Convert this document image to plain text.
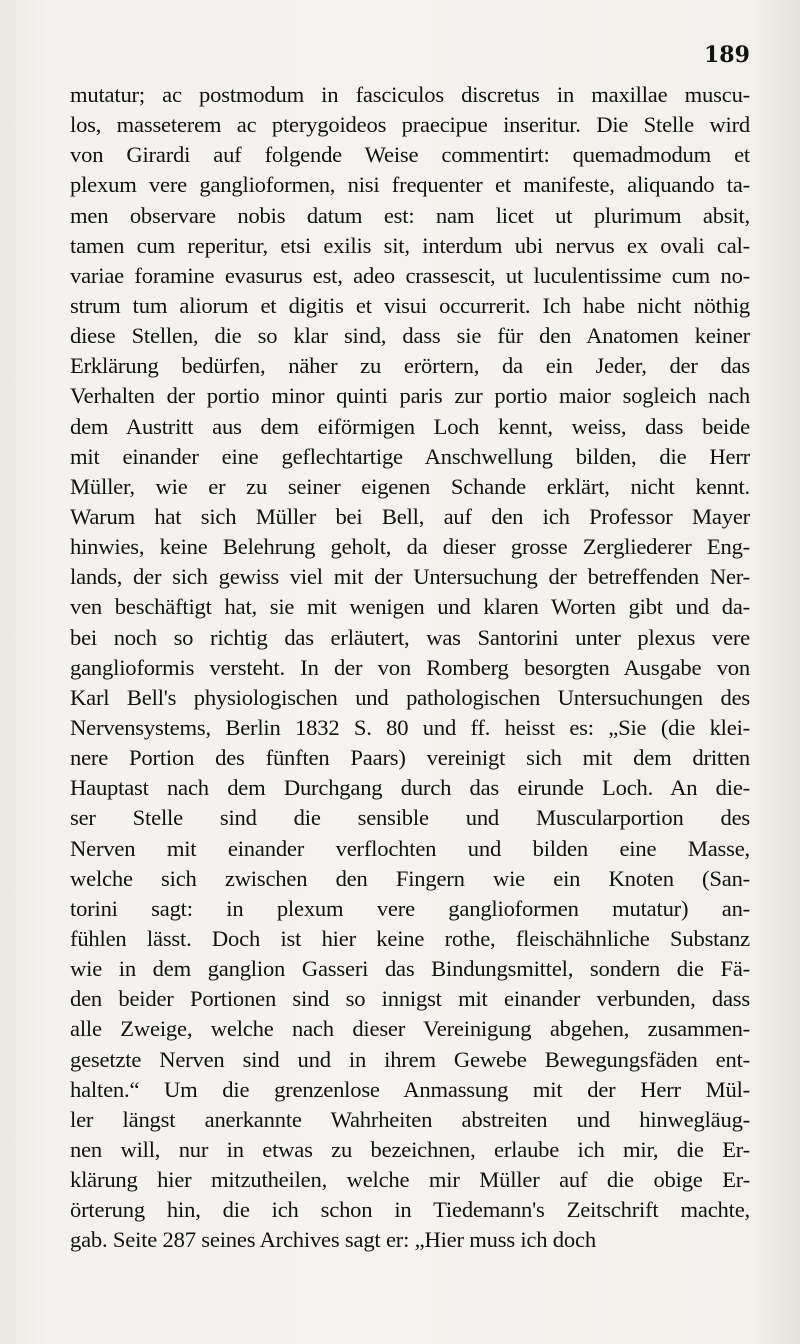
189
mutatur; ac postmodum in fasciculos discretus in maxillae muscu-
los, masseterem ac pterygoideos praecipue inseritur. Die Stelle wird
von Girardi auf folgende Weise commentirt: quemadmodum et
plexum vere ganglioformen, nisi frequenter et manifeste, aliquando ta-
men observare nobis datum est: nam licet ut plurimum absit,
tamen cum reperitur, etsi exilis sit, interdum ubi nervus ex ovali cal-
variae foramine evasurus est, adeo crassescit, ut luculentissime cum no-
strum tum aliorum et digitis et visui occurrerit. Ich habe nicht nöthig
diese Stellen, die so klar sind, dass sie für den Anatomen keiner
Erklärung bedürfen, näher zu erörtern, da ein Jeder, der das
Verhalten der portio minor quinti paris zur portio maior sogleich nach
dem Austritt aus dem eiförmigen Loch kennt, weiss, dass beide
mit einander eine geflechtartige Anschwellung bilden, die Herr
Müller, wie er zu seiner eigenen Schande erklärt, nicht kennt.
Warum hat sich Müller bei Bell, auf den ich Professor Mayer
hinwies, keine Belehrung geholt, da dieser grosse Zergliederer Eng-
lands, der sich gewiss viel mit der Untersuchung der betreffenden Ner-
ven beschäftigt hat, sie mit wenigen und klaren Worten gibt und da-
bei noch so richtig das erläutert, was Santorini unter plexus vere
ganglioformis versteht. In der von Romberg besorgten Ausgabe von
Karl Bell's physiologischen und pathologischen Untersuchungen des
Nervensystems, Berlin 1832 S. 80 und ff. heisst es: „Sie (die klei-
nere Portion des fünften Paars) vereinigt sich mit dem dritten
Hauptast nach dem Durchgang durch das eirunde Loch. An die-
ser Stelle sind die sensible und Muscularportion des
Nerven mit einander verflochten und bilden eine Masse,
welche sich zwischen den Fingern wie ein Knoten (San-
torini sagt: in plexum vere ganglioformen mutatur) an-
fühlen lässt. Doch ist hier keine rothe, fleischähnliche Substanz
wie in dem ganglion Gasseri das Bindungsmittel, sondern die Fä-
den beider Portionen sind so innigst mit einander verbunden, dass
alle Zweige, welche nach dieser Vereinigung abgehen, zusammen-
gesetzte Nerven sind und in ihrem Gewebe Bewegungsfäden ent-
halten.“ Um die grenzenlose Anmassung mit der Herr Mül-
ler längst anerkannte Wahrheiten abstreiten und hinwegläug-
nen will, nur in etwas zu bezeichnen, erlaube ich mir, die Er-
klärung hier mitzutheilen, welche mir Müller auf die obige Er-
örterung hin, die ich schon in Tiedemann's Zeitschrift machte,
gab. Seite 287 seines Archives sagt er: „Hier muss ich doch
